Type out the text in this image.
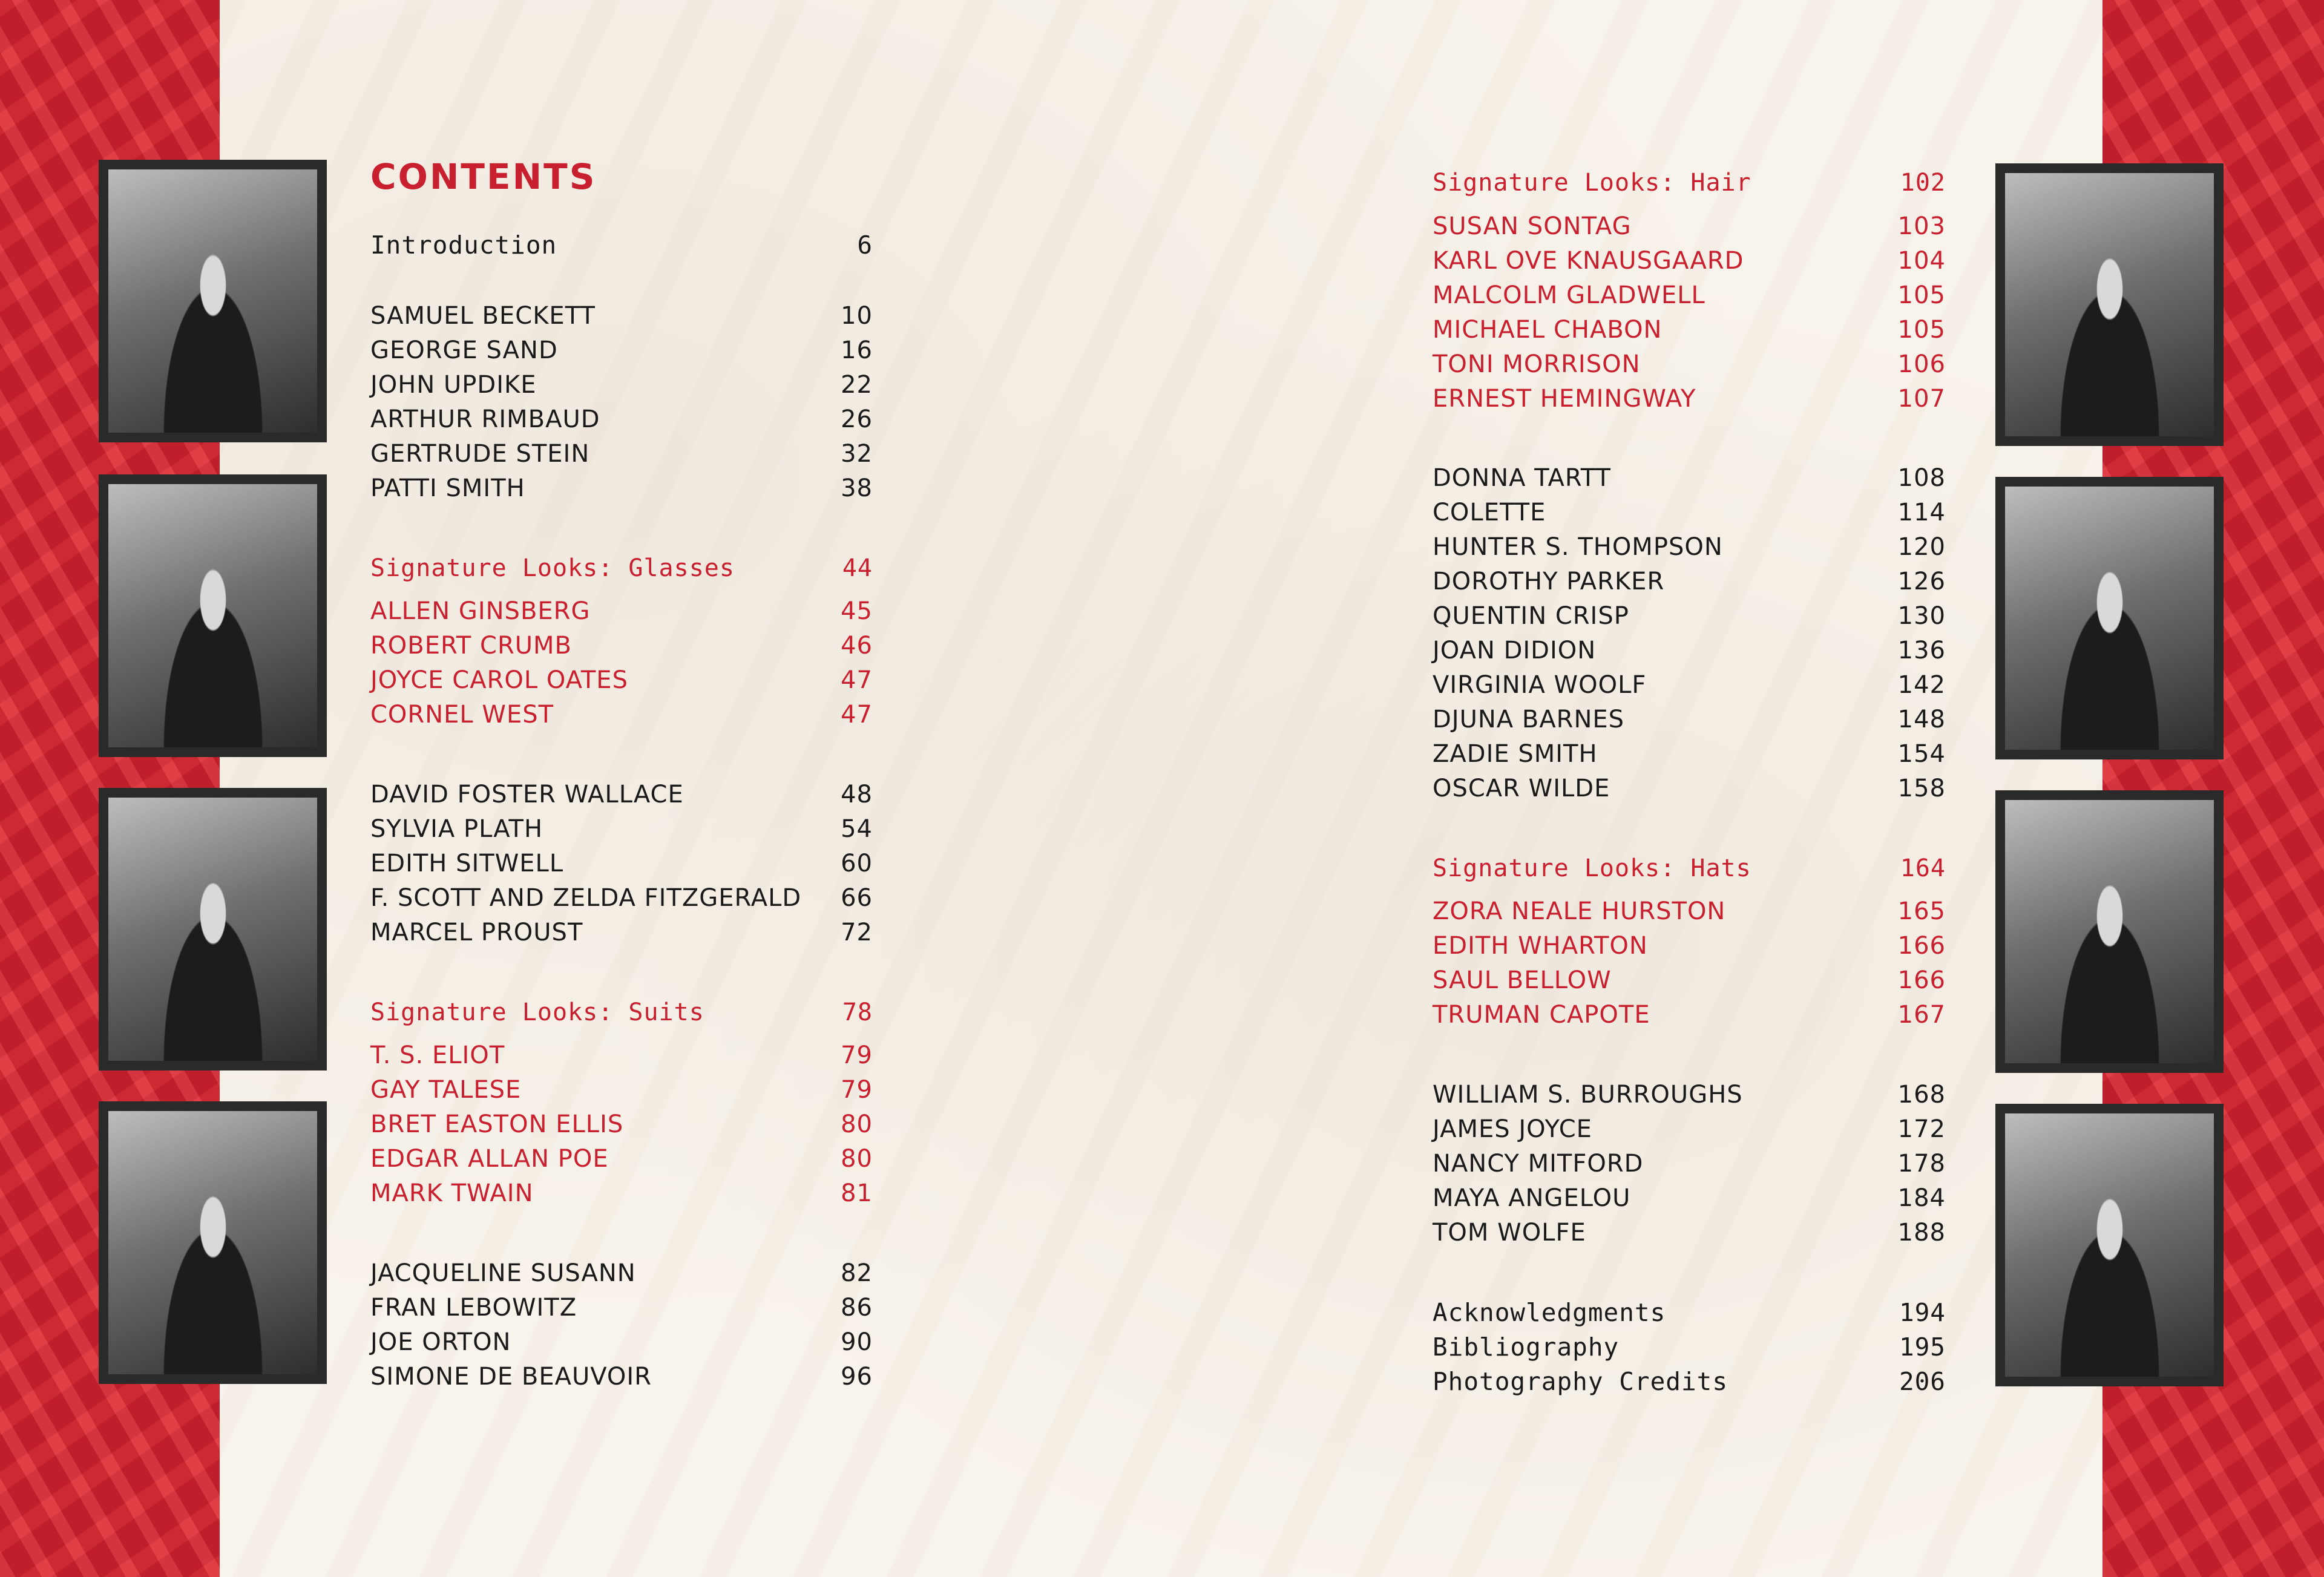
CONTENTS
Introduction	6
SAMUEL BECKETT	10
GEORGE SAND	16
JOHN UPDIKE	22
ARTHUR RIMBAUD	26
GERTRUDE STEIN	32
PATTI SMITH	38
Signature Looks: Glasses	44
ALLEN GINSBERG	45
ROBERT CRUMB	46
JOYCE CAROL OATES	47
CORNEL WEST	47
DAVID FOSTER WALLACE	48
SYLVIA PLATH	54
EDITH SITWELL	60
F. SCOTT AND ZELDA FITZGERALD 66
MARCEL PROUST	72
Signature Looks: Suits	78
T. S. ELIOT	79
GAY TALESE	79
BRET EASTON ELLIS	80
EDGAR ALLAN POE	80
MARK TWAIN	81
JACQUELINE SUSANN	82
FRAN LEBOWITZ	86
JOE ORTON	90
SIMONE DE BEAUVOIR	96
Signature Looks: Hair	102
SUSAN SONTAG	103
KARL OVE KNAUSGAARD	104
MALCOLM GLADWELL	105
MICHAEL CHABON	105
TONI MORRISON	106
ERNEST HEMINGWAY	107
DONNA TARTT	108
COLETTE	114
HUNTER S. THOMPSON	120
DOROTHY PARKER	126
QUENTIN CRISP	130
JOAN DIDION	136
VIRGINIA WOOLF	142
DJUNA BARNES	148
ZADIE SMITH	154
OSCAR WILDE	158
Signature Looks: Hats	164
ZORA NEALE HURSTON	165
EDITH WHARTON	166
SAUL BELLOW	166
TRUMAN CAPOTE	167
WILLIAM S. BURROUGHS	168
JAMES JOYCE	172
NANCY MITFORD	178
MAYA ANGELOU	184
TOM WOLFE	188
Acknowledgments	194
Bibliography	195
Photography Credits	206
